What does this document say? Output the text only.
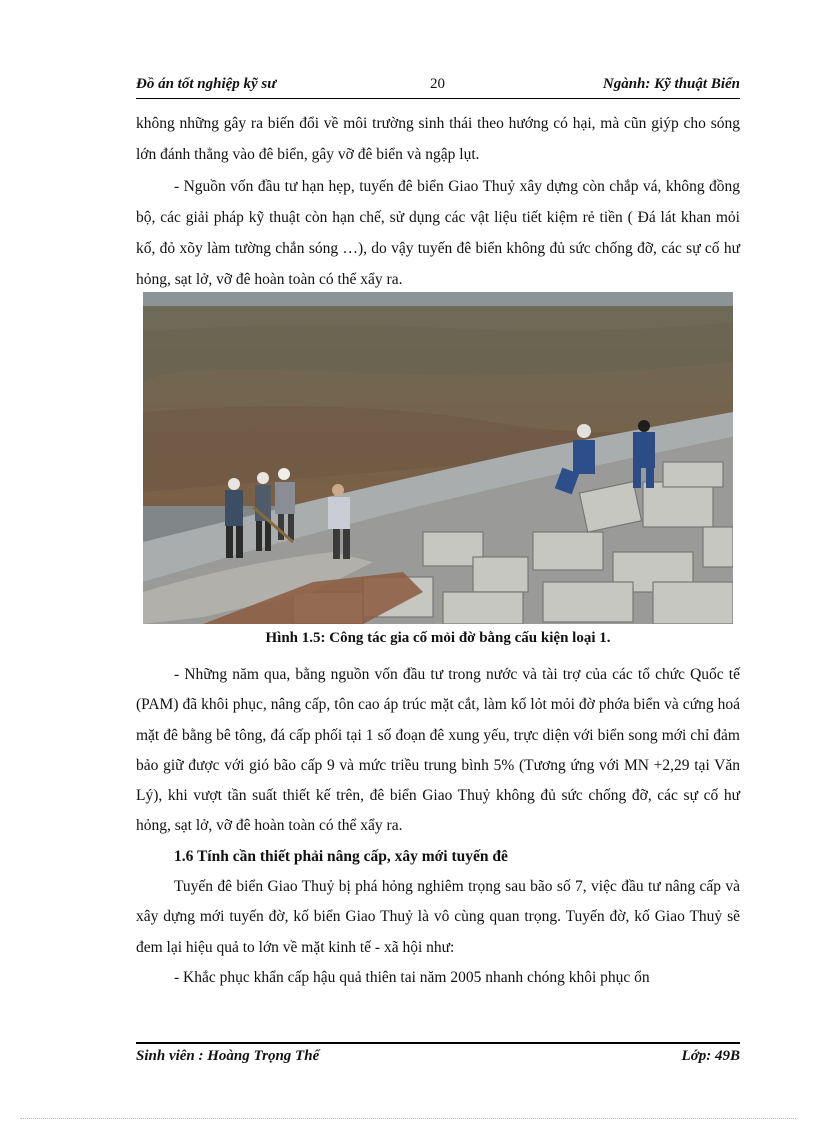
Đồ án tốt nghiệp kỹ sư	20	Ngành: Kỹ thuật Biển

không những gây ra biến đổi về môi trường sinh thái theo hướng có hại, mà cũn giýp cho sóng lớn đánh thẳng vào đê biển, gây vỡ đê biển và ngập lụt.

- Nguồn vốn đầu tư hạn hẹp, tuyến đê biển Giao Thuỷ xây dựng còn chắp vá, không đồng bộ, các giải pháp kỹ thuật còn hạn chế, sử dụng các vật liệu tiết kiệm rẻ tiền ( Đá lát khan mỏi kố, đỏ xõy làm tường chắn sóng …), do vậy tuyến đê biển không đủ sức chống đỡ, các sự cố hư hỏng, sạt lở, vỡ đê hoàn toàn có thể xẩy ra.

Hình 1.5: Công tác gia cố mỏi đờ bằng cấu kiện loại 1.

- Những năm qua, bằng nguồn vốn đầu tư trong nước và tài trợ của các tổ chức Quốc tế (PAM) đã khôi phục, nâng cấp, tôn cao áp trúc mặt cắt, làm kố lỏt mỏi đờ phớa biển và cứng hoá mặt đê bằng bê tông, đá cấp phối tại 1 số đoạn đê xung yếu, trực diện với biển song mới chỉ đảm bảo giữ được với gió bão cấp 9 và mức triều trung bình 5% (Tương ứng với MN +2,29 tại Văn Lý), khi vượt tần suất thiết kế trên, đê biển Giao Thuỷ không đủ sức chống đỡ, các sự cố hư hỏng, sạt lở, vỡ đê hoàn toàn có thể xẩy ra.

1.6 Tính cần thiết phải nâng cấp, xây mới tuyến đê

Tuyến đê biển Giao Thuỷ bị phá hỏng nghiêm trọng sau bão số 7, việc đầu tư nâng cấp và xây dựng mới tuyến đờ, kố biển Giao Thuỷ là vô cùng quan trọng. Tuyến đờ, kố Giao Thuỷ sẽ đem lại hiệu quả to lớn về mặt kinh tế - xã hội như:

- Khắc phục khẩn cấp hậu quả thiên tai năm 2005 nhanh chóng khôi phục ổn

Sinh viên : Hoàng Trọng Thể	Lớp: 49B
